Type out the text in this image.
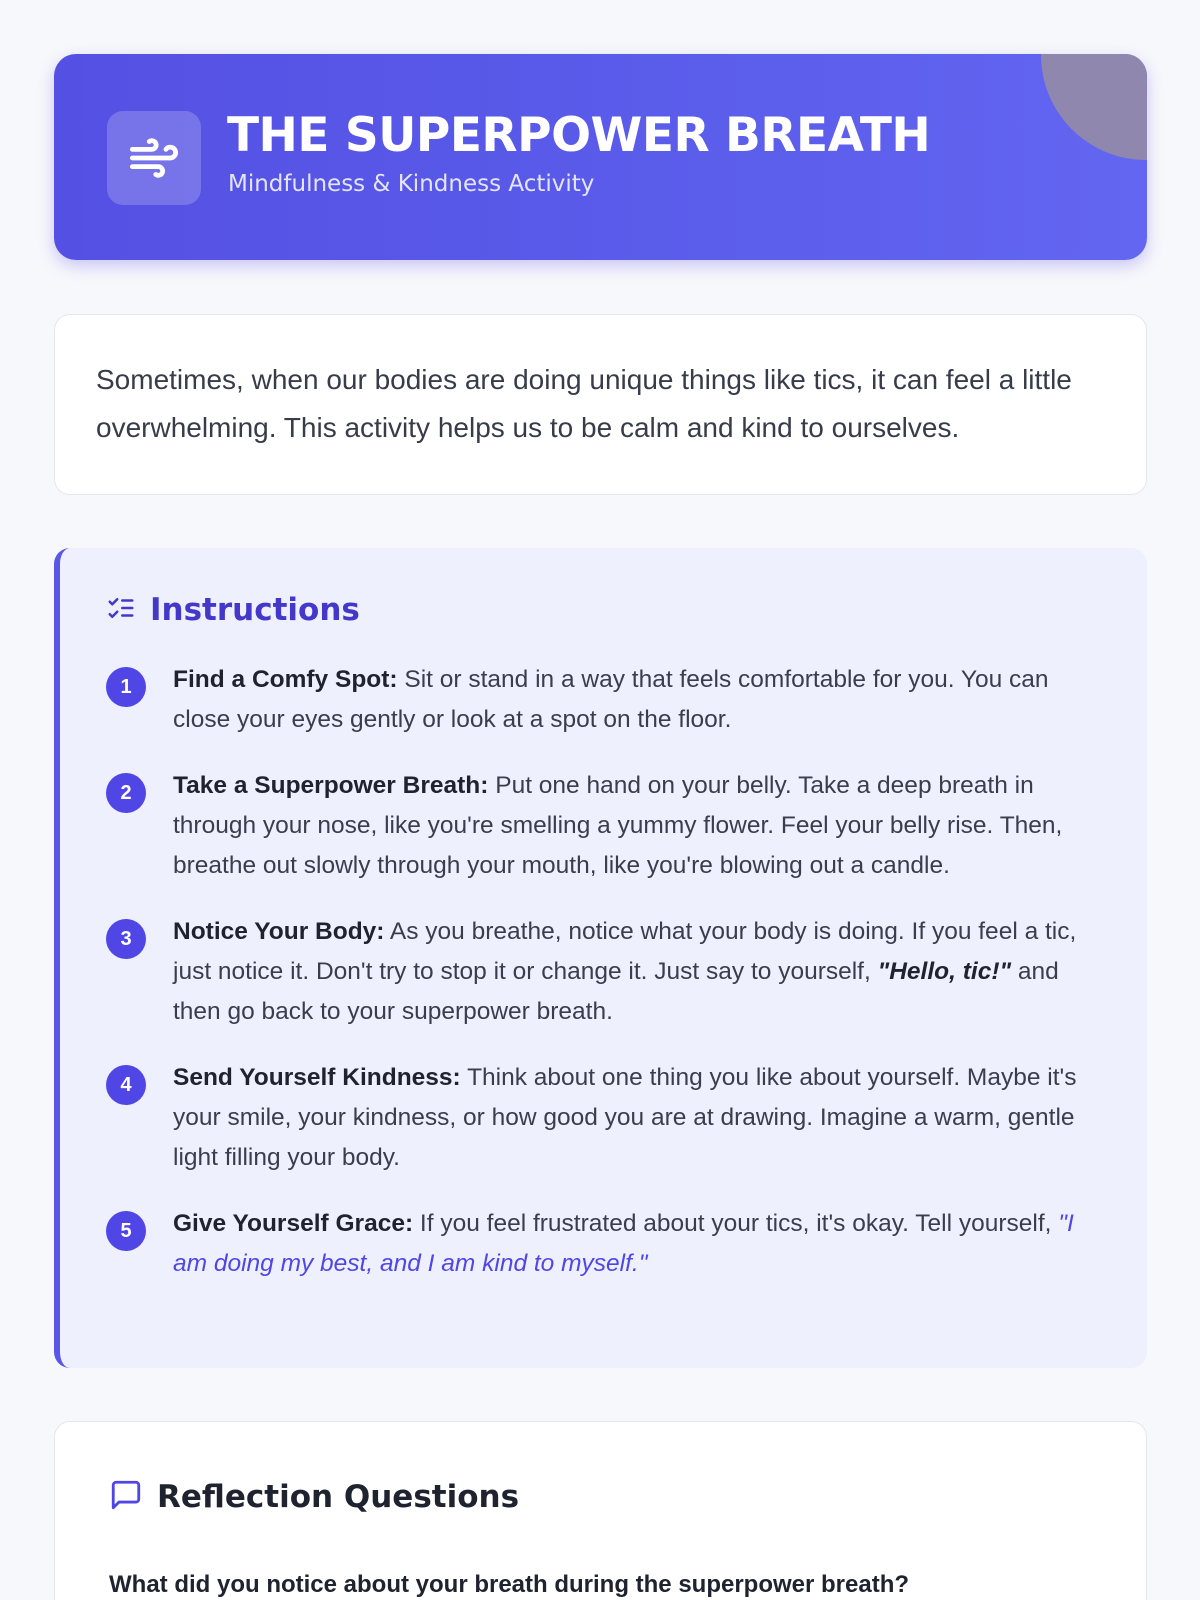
THE SUPERPOWER BREATH
Mindfulness & Kindness Activity

Sometimes, when our bodies are doing unique things like tics, it can feel a little overwhelming. This activity helps us to be calm and kind to ourselves.

Instructions
1	Find a Comfy Spot: Sit or stand in a way that feels comfortable for you. You can close your eyes gently or look at a spot on the floor.

2	Take a Superpower Breath: Put one hand on your belly. Take a deep breath in through your nose, like you're smelling a yummy flower. Feel your belly rise. Then, breathe out slowly through your mouth, like you're blowing out a candle.

3	Notice Your Body: As you breathe, notice what your body is doing. If you feel a tic, just notice it. Don't try to stop it or change it. Just say to yourself, "Hello, tic!" and then go back to your superpower breath.

4	Send Yourself Kindness: Think about one thing you like about yourself. Maybe it's your smile, your kindness, or how good you are at drawing. Imagine a warm, gentle light filling your body.

5	Give Yourself Grace: If you feel frustrated about your tics, it's okay. Tell yourself, "I am doing my best, and I am kind to myself."

Reflection Questions

What did you notice about your breath during the superpower breath?
